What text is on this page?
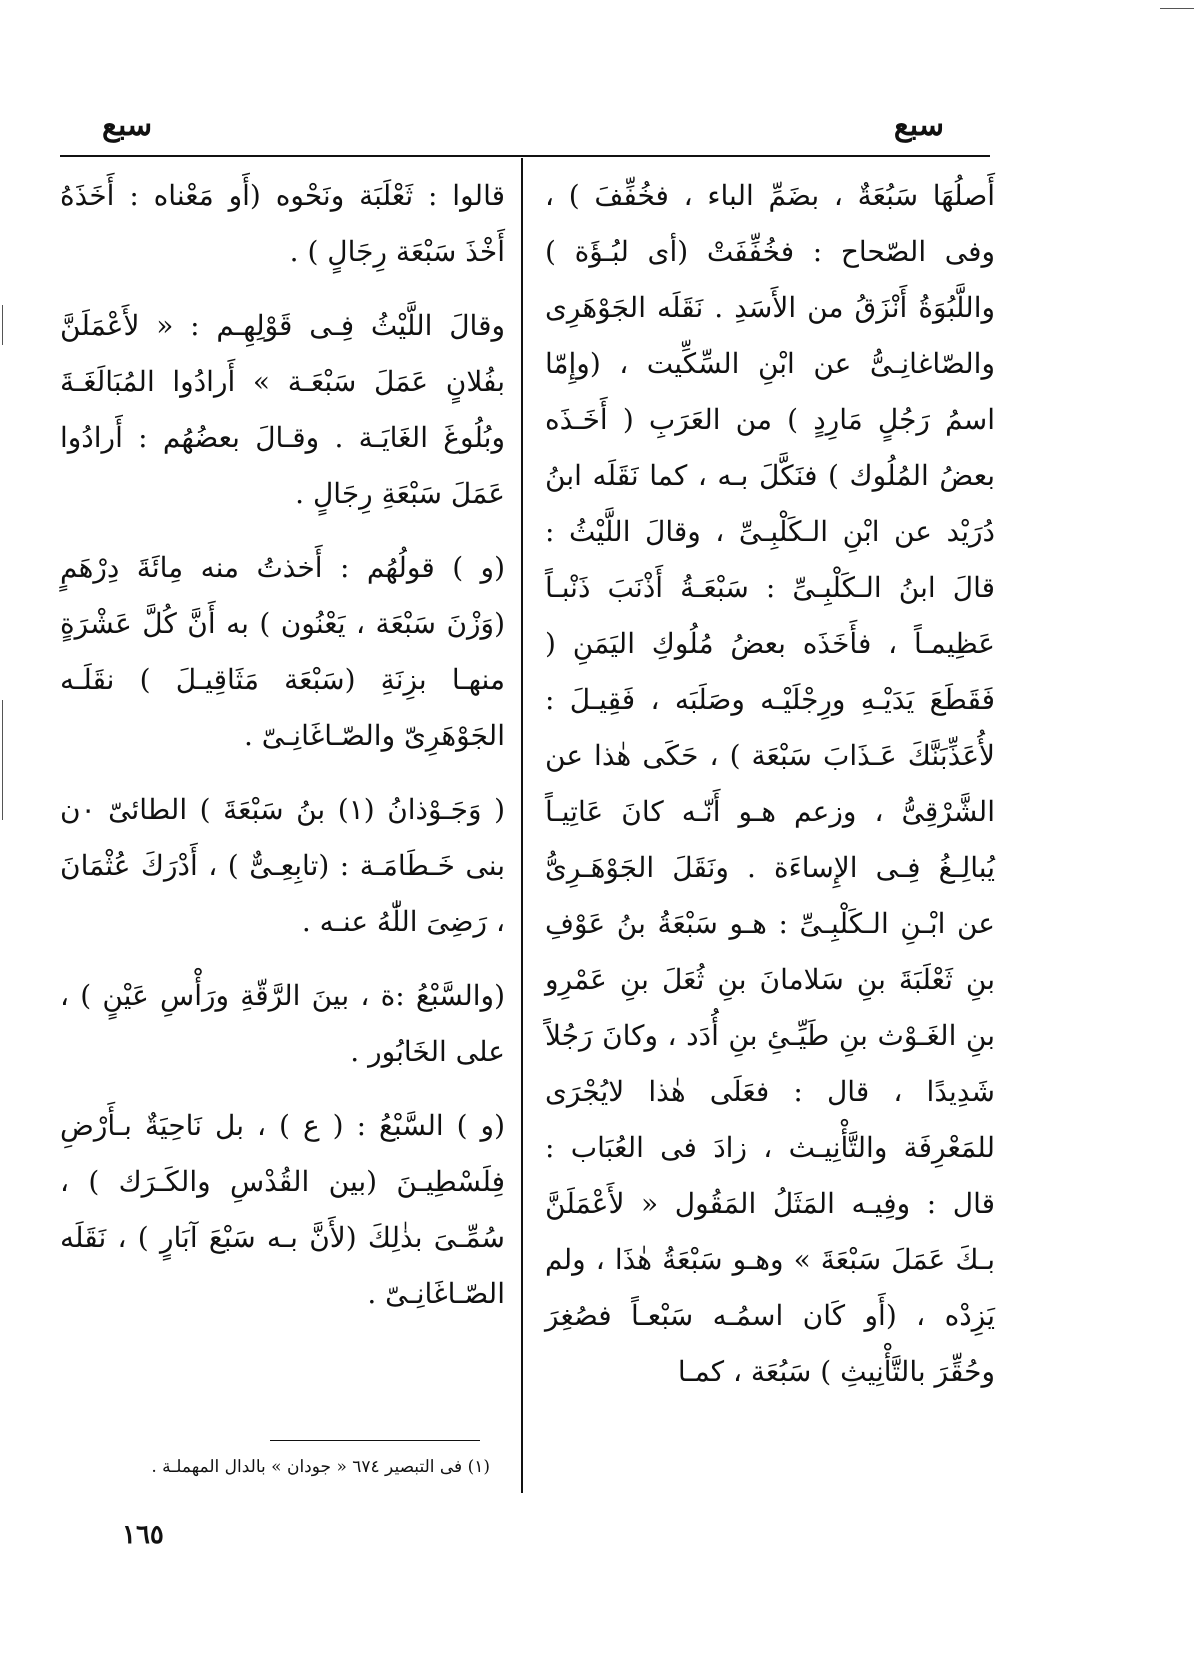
سبع
سبع

أَصلُهَا سَبُعَةٌ ، بضَمِّ الباء ، فخُفِّفَ ) ، وفى الصّحاح : فخُفِّفَتْ (أى لبُـؤَة ) واللَّبُوَةُ أَنْزَقُ من الأَسَدِ . نَقَلَه الجَوْهَرِى والصّاغانِـىُّ عن ابْنِ السِّكِّيت ، (وإِمّا اسمُ رَجُلٍ مَارِدٍ ) من العَرَبِ ( أَخَـذَه بعضُ المُلُوك ) فنَكَّلَ بـه ، كما نَقَلَه ابنُ دُرَيْد عن ابْنِ الـكَلْبِـىِّ ، وقالَ اللَّيْثُ : قالَ ابنُ الـكَلْبِـىِّ : سَبْعَـةُ أَذْنَبَ ذَنْبـاً عَظِيمـاً ، فأَخَذَه بعضُ مُلُوكِ اليَمَنِ ( فَقَطَعَ يَدَيْـهِ ورِجْلَيْـه وصَلَبَه ، فَقِيـلَ : لأُعَذِّبَنَّكَ عَـذَابَ سَبْعَة ) ، حَكَى هٰذا عن الشَّرْقِىُّ ، وزعم هـو أَنّـه كانَ عَاتِيـاً يُبالِـغُ فِـى الإِساءَة . ونَقَلَ الجَوْهَـرِىُّ عن ابْـنِ الـكَلْبِـىِّ : هـو سَبْعَةُ بنُ عَوْفِ بنِ ثَعْلَبَةَ بنِ سَلامانَ بنِ ثُعَلَ بنِ عَمْرِو بنِ الغَـوْث بنِ طَيِّـئِ بنِ أُدَد ، وكانَ رَجُلاً شَدِيدًا ، قال : فعَلَى هٰذا لايُجْرَى للمَعْرِفَة والتَّأْنِيـث ، زادَ فى العُبَاب : قال : وفِيـه المَثَلُ المَقُول « لأَعْمَلَنَّ بـكَ عَمَلَ سَبْعَةَ » وهـو سَبْعَةُ هٰذَا ، ولم يَزِدْه ، (أَو كَان اسمُـه سَبْعـاً فصُغِرَ وحُقِّرَ بالتَّأْنِيثِ ) سَبُعَة ، كمـا

قالوا : ثَعْلَبَة ونَحْوه (أَو مَعْناه : أَخَذَهُ أَخْذَ سَبْعَة رِجَالٍ ) .

وقالَ اللَّيْثُ فِـى قَوْلِهِـم : « لأَعْمَلَنَّ بفُلانٍ عَمَلَ سَبْعَـة » أَرادُوا المُبَالَغَـةَ وبُلُوغَ الغَايَـة . وقـالَ بعضُهُم : أَرادُوا عَمَلَ سَبْعَةِ رِجَالٍ .

(و ) قولُهُم : أَخذتُ منه مِائَةَ دِرْهَمٍ (وَزْنَ سَبْعَة ، يَعْنُون ) به أَنَّ كُلَّ عَشْرَةٍ منهـا بزِنَةِ (سَبْعَة مَثَاقِيـلَ ) نقَلَـه الجَوْهَرِىّ والصّـاغَانِـىّ .

( وَجَـوْذانُ (١) بنُ سَبْعَةَ ) الطائىّ ٠ن بنى خَـطَامَـة : (تابِعِـىٌّ ) ، أَدْرَكَ عُثْمَانَ ، رَضِىَ اللّٰهُ عنـه .

(والسَّبْعُ :ة ، بينَ الرَّقّةِ ورَأْسِ عَيْنٍ ) ، على الخَابُور .

(و ) السَّبْعُ : ( ع ) ، بل نَاحِيَةٌ بـأَرْضِ فِلَسْطِيـنَ (بين القُدْسِ والكَـرَك ) ، سُمِّـىَ بذٰلِكَ (لأَنَّ بـه سَبْعَ آبَارٍ ) ، نَقَلَه الصّـاغَانِـىّ .

(١) فى التبصير ٦٧٤ « جودان » بالدال المهملـة .
١٦٥
